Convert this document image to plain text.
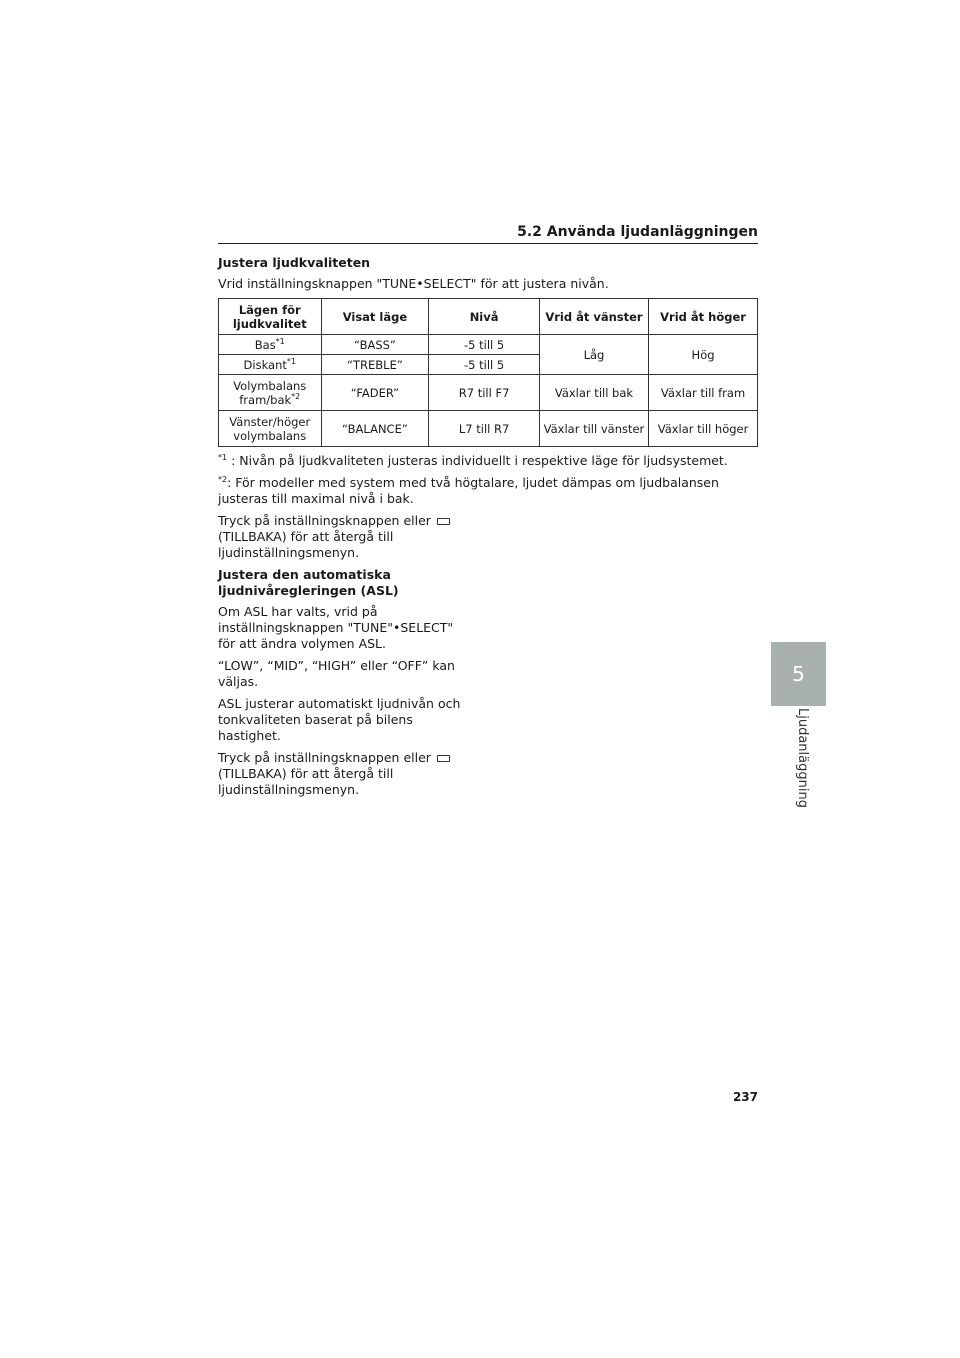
5.2 Använda ljudanläggningen

Justera ljudkvaliteten

Vrid inställningsknappen "TUNE•SELECT" för att justera nivån.

Lägen för ljudkvalitet	Visat läge	Nivå	Vrid åt vänster	Vrid åt höger
Bas$^{*1}$	“BASS”	-5 till 5	Låg	Hög
Diskant$^{*1}$	“TREBLE”	-5 till 5		
Volymbalans fram/bak$^{*2}$	“FADER”	R7 till F7	Växlar till bak	Växlar till fram
Vänster/höger volymbalans	“BALANCE”	L7 till R7	Växlar till vänster	Växlar till höger

$^{*1}$ : Nivån på ljudkvaliteten justeras individuellt i respektive läge för ljudsystemet.

$^{*2}$: För modeller med system med två högtalare, ljudet dämpas om ljudbalansen justeras till maximal nivå i bak.

Tryck på inställningsknappen eller
(TILLBAKA) för att återgå till ljudinställningsmenyn.

Justera den automatiska ljudnivåregleringen (ASL)

Om ASL har valts, vrid på inställningsknappen "TUNE"•SELECT" för att ändra volymen ASL.

“LOW”, “MID”, “HIGH” eller “OFF” kan väljas.

ASL justerar automatiskt ljudnivån och tonkvaliteten baserat på bilens hastighet.

Tryck på inställningsknappen eller
(TILLBAKA) för att återgå till ljudinställningsmenyn.

5
Ljudanläggning
237
